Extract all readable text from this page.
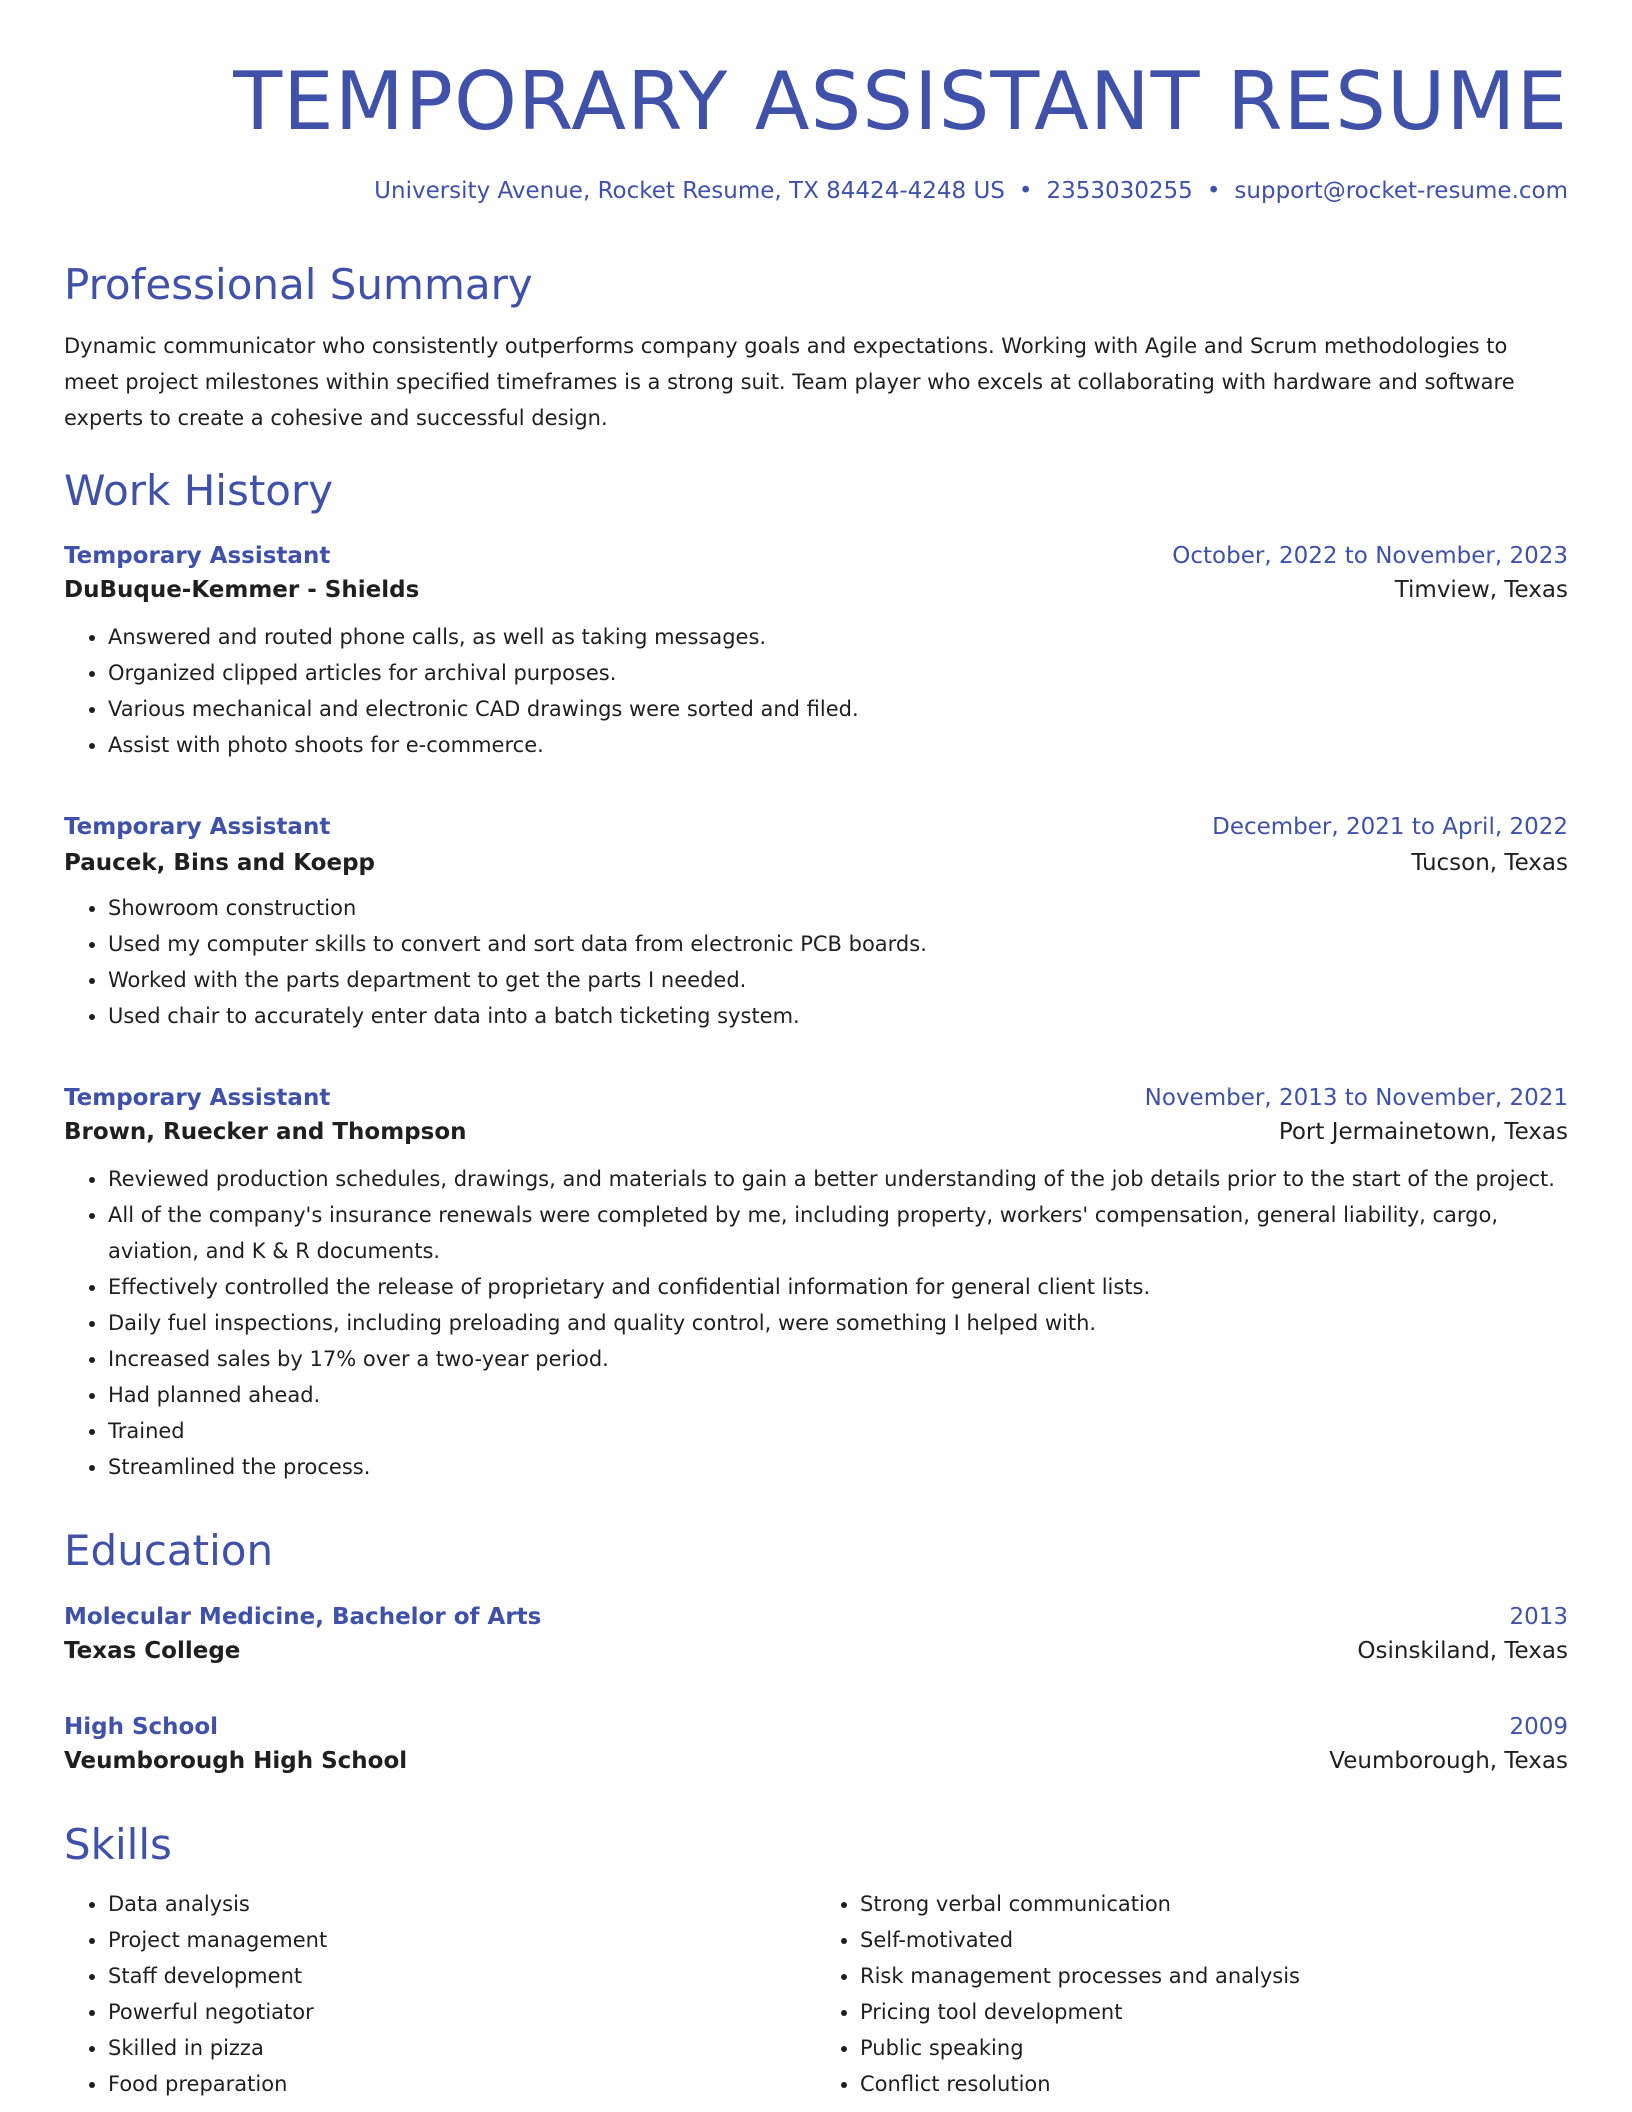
TEMPORARY ASSISTANT RESUME
University Avenue, Rocket Resume, TX 84424-4248 US • 2353030255 • support@rocket-resume.com
Professional Summary

Dynamic communicator who consistently outperforms company goals and expectations. Working with Agile and Scrum methodologies to meet project milestones within specified timeframes is a strong suit. Team player who excels at collaborating with hardware and software experts to create a cohesive and successful design.

Work History
Temporary Assistant	October, 2022 to November, 2023
DuBuque-Kemmer - Shields	Timview, Texas
• Answered and routed phone calls, as well as taking messages.
• Organized clipped articles for archival purposes.
• Various mechanical and electronic CAD drawings were sorted and filed.
• Assist with photo shoots for e-commerce.
Temporary Assistant	December, 2021 to April, 2022
Paucek, Bins and Koepp	Tucson, Texas
• Showroom construction
• Used my computer skills to convert and sort data from electronic PCB boards.
• Worked with the parts department to get the parts I needed.
• Used chair to accurately enter data into a batch ticketing system.
Temporary Assistant	November, 2013 to November, 2021
Brown, Ruecker and Thompson	Port Jermainetown, Texas
• Reviewed production schedules, drawings, and materials to gain a better understanding of the job details prior to the start of the project.
• All of the company's insurance renewals were completed by me, including property, workers' compensation, general liability, cargo, aviation, and K & R documents.
• Effectively controlled the release of proprietary and confidential information for general client lists.
• Daily fuel inspections, including preloading and quality control, were something I helped with.
• Increased sales by 17% over a two-year period.
• Had planned ahead.
• Trained
• Streamlined the process.
Education
Molecular Medicine, Bachelor of Arts	2013
Texas College	Osinskiland, Texas
High School	2009
Veumborough High School	Veumborough, Texas
Skills
• Data analysis
• Project management
• Staff development
• Powerful negotiator
• Skilled in pizza
• Food preparation
• Strong verbal communication
• Self-motivated
• Risk management processes and analysis
• Pricing tool development
• Public speaking
• Conflict resolution
